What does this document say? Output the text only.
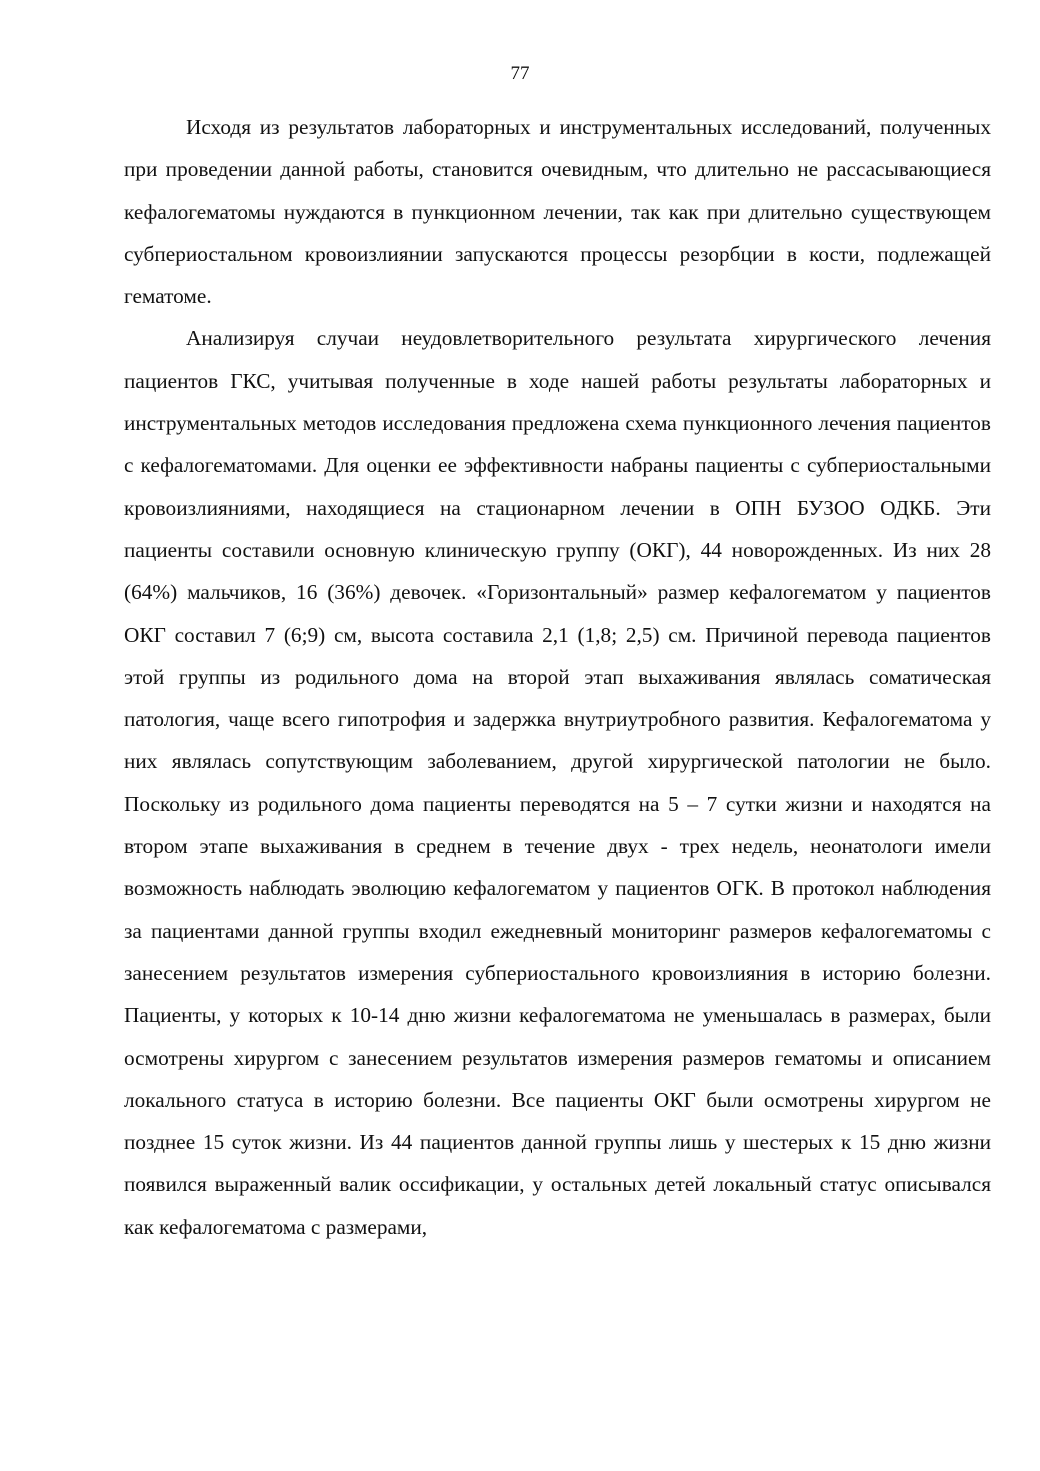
77

Исходя из результатов лабораторных и инструментальных исследований, полученных при проведении данной работы, становится очевидным, что длительно не рассасывающиеся кефалогематомы нуждаются в пункционном лечении, так как при длительно существующем субпериостальном кровоизлиянии запускаются процессы резорбции в кости, подлежащей гематоме.

Анализируя случаи неудовлетворительного результата хирургического лечения пациентов ГКС, учитывая полученные в ходе нашей работы результаты лабораторных и инструментальных методов исследования предложена схема пункционного лечения пациентов с кефалогематомами. Для оценки ее эффективности набраны пациенты с субпериостальными кровоизлияниями, находящиеся на стационарном лечении в ОПН БУЗОО ОДКБ. Эти пациенты составили основную клиническую группу (ОКГ), 44 новорожденных. Из них 28 (64%) мальчиков, 16 (36%) девочек. «Горизонтальный» размер кефалогематом у пациентов ОКГ составил 7 (6;9) см, высота составила 2,1 (1,8; 2,5) см. Причиной перевода пациентов этой группы из родильного дома на второй этап выхаживания являлась соматическая патология, чаще всего гипотрофия и задержка внутриутробного развития. Кефалогематома у них являлась сопутствующим заболеванием, другой хирургической патологии не было. Поскольку из родильного дома пациенты переводятся на 5 – 7 сутки жизни и находятся на втором этапе выхаживания в среднем в течение двух - трех недель, неонатологи имели возможность наблюдать эволюцию кефалогематом у пациентов ОГК. В протокол наблюдения за пациентами данной группы входил ежедневный мониторинг размеров кефалогематомы с занесением результатов измерения субпериостального кровоизлияния в историю болезни. Пациенты, у которых к 10-14 дню жизни кефалогематома не уменьшалась в размерах, были осмотрены хирургом с занесением результатов измерения размеров гематомы и описанием локального статуса в историю болезни. Все пациенты ОКГ были осмотрены хирургом не позднее 15 суток жизни. Из 44 пациентов данной группы лишь у шестерых к 15 дню жизни появился выраженный валик оссификации, у остальных детей локальный статус описывался как кефалогематома с размерами,
